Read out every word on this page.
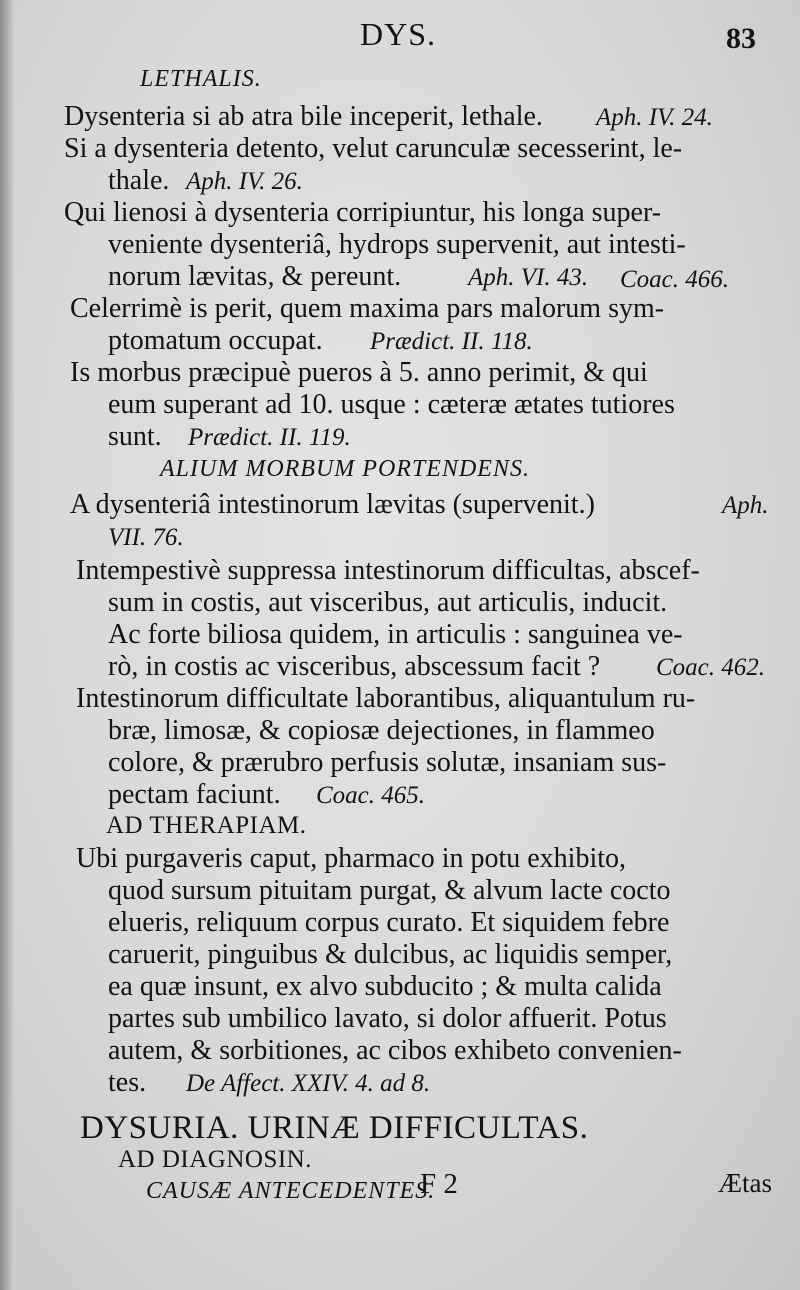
DYS.	83
LETHALIS.
Dysenteria si ab atra bile inceperit, lethale. Aph. IV. 24.
Si a dysenteria detento, velut carunculæ secesserint, le-
thale. Aph. IV. 26.
Qui lienosi à dysenteria corripiuntur, his longa super-
veniente dysenteriâ, hydrops supervenit, aut intesti-
norum lævitas, & pereunt.	Aph. VI. 43. Coac. 466.
Celerrimè is perit, quem maxima pars malorum sym-
ptomatum occupat. Prædict. II. 118.
Is morbus præcipuè pueros à 5. anno perimit, & qui
eum superant ad 10. usque : cæteræ ætates tutiores
sunt. Prædict. II. 119.
ALIUM MORBUM PORTENDENS.
A dysenteriâ intestinorum lævitas (supervenit.)	Aph.
VII. 76.
Intempestivè suppressa intestinorum difficultas, abscef-
sum in costis, aut visceribus, aut articulis, inducit.
Ac forte biliosa quidem, in articulis : sanguinea ve-
rò, in costis ac visceribus, abscessum facit ? Coac. 462.
Intestinorum difficultate laborantibus, aliquantulum ru-
bræ, limosæ, & copiosæ dejectiones, in flammeo
colore, & prærubro perfusis solutæ, insaniam sus-
pectam faciunt. Coac. 465.
AD THERAPIAM.
Ubi purgaveris caput, pharmaco in potu exhibito,
quod sursum pituitam purgat, & alvum lacte cocto
elueris, reliquum corpus curato. Et siquidem febre
caruerit, pinguibus & dulcibus, ac liquidis semper,
ea quæ insunt, ex alvo subducito ; & multa calida
partes sub umbilico lavato, si dolor affuerit. Potus
autem, & sorbitiones, ac cibos exhibeto convenien-
tes. De Affect. XXIV. 4. ad 8.
DYSURIA. URINÆ DIFFICULTAS.
AD DIAGNOSIN.
CAUSÆ ANTECEDENTES.
F 2	Ætas
